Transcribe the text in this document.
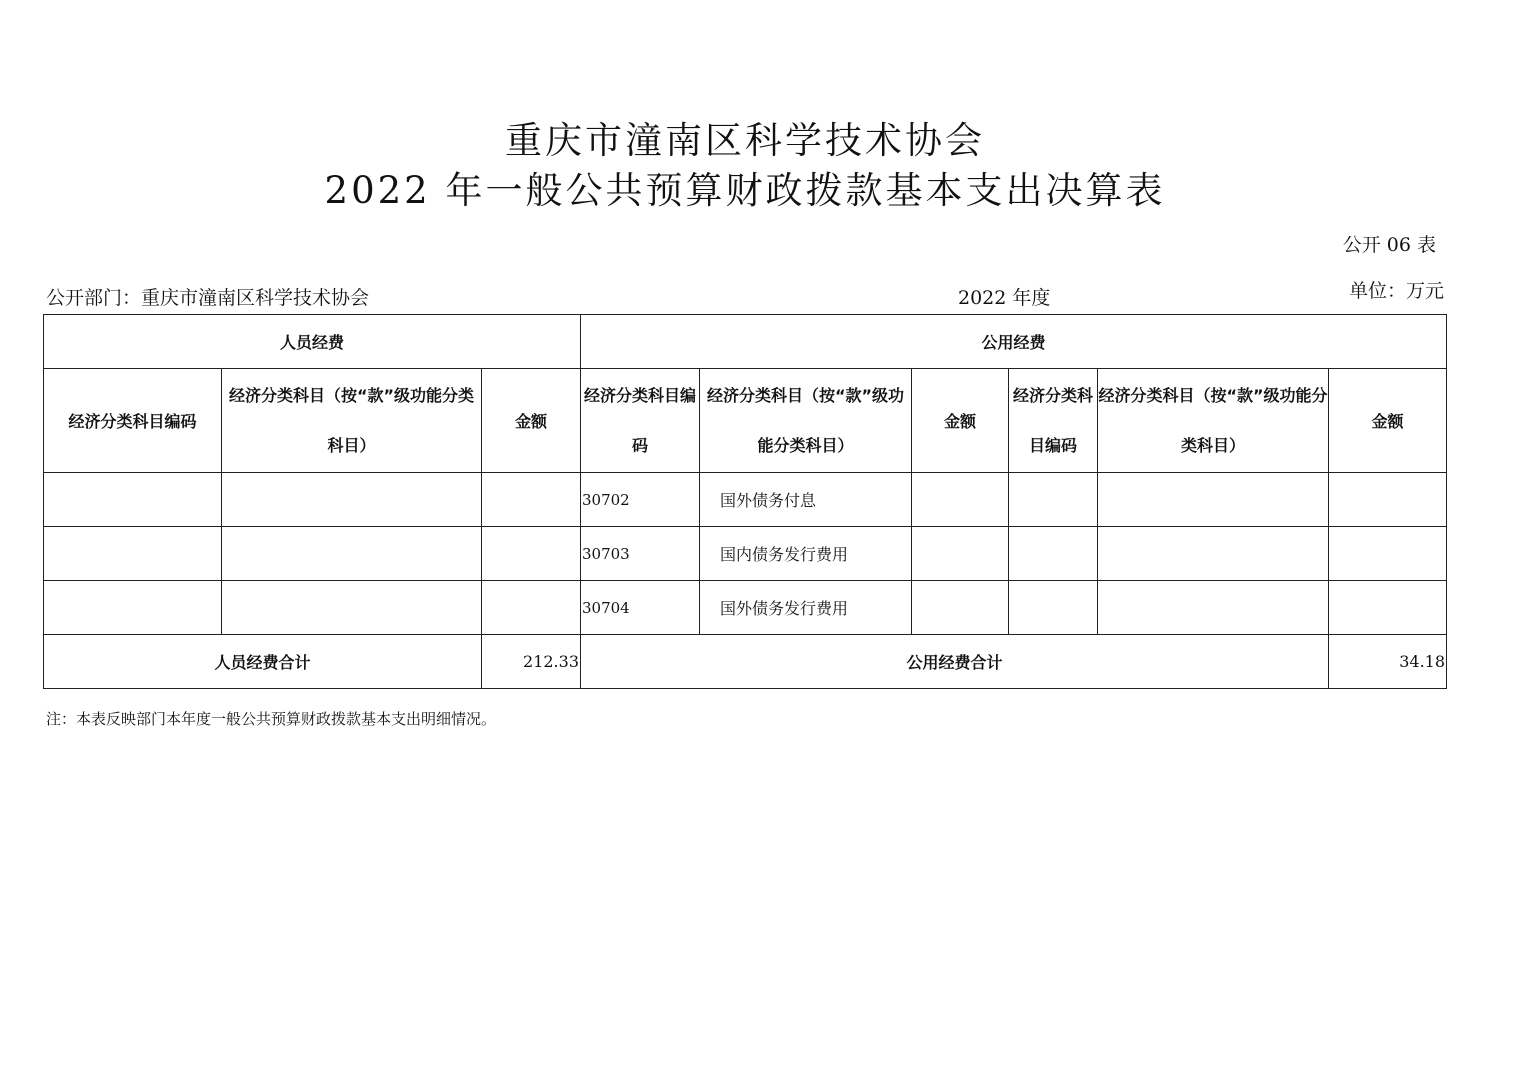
重庆市潼南区科学技术协会
2022 年一般公共预算财政拨款基本支出决算表
公开 06 表
公开部门：重庆市潼南区科学技术协会	2022 年度	单位：万元
人员经费			公用经费					
经济分类科目编码	经济分类科目（按“款”级功能分类科目）	金额	经济分类科目编码	经济分类科目（按“款”级功能分类科目）	金额	经济分类科目编码	经济分类科目（按“款”级功能分类科目）	金额
			30702	国外债务付息				
			30703	国内债务发行费用				
			30704	国外债务发行费用				
人员经费合计		212.33	公用经费合计					34.18
注：本表反映部门本年度一般公共预算财政拨款基本支出明细情况。
